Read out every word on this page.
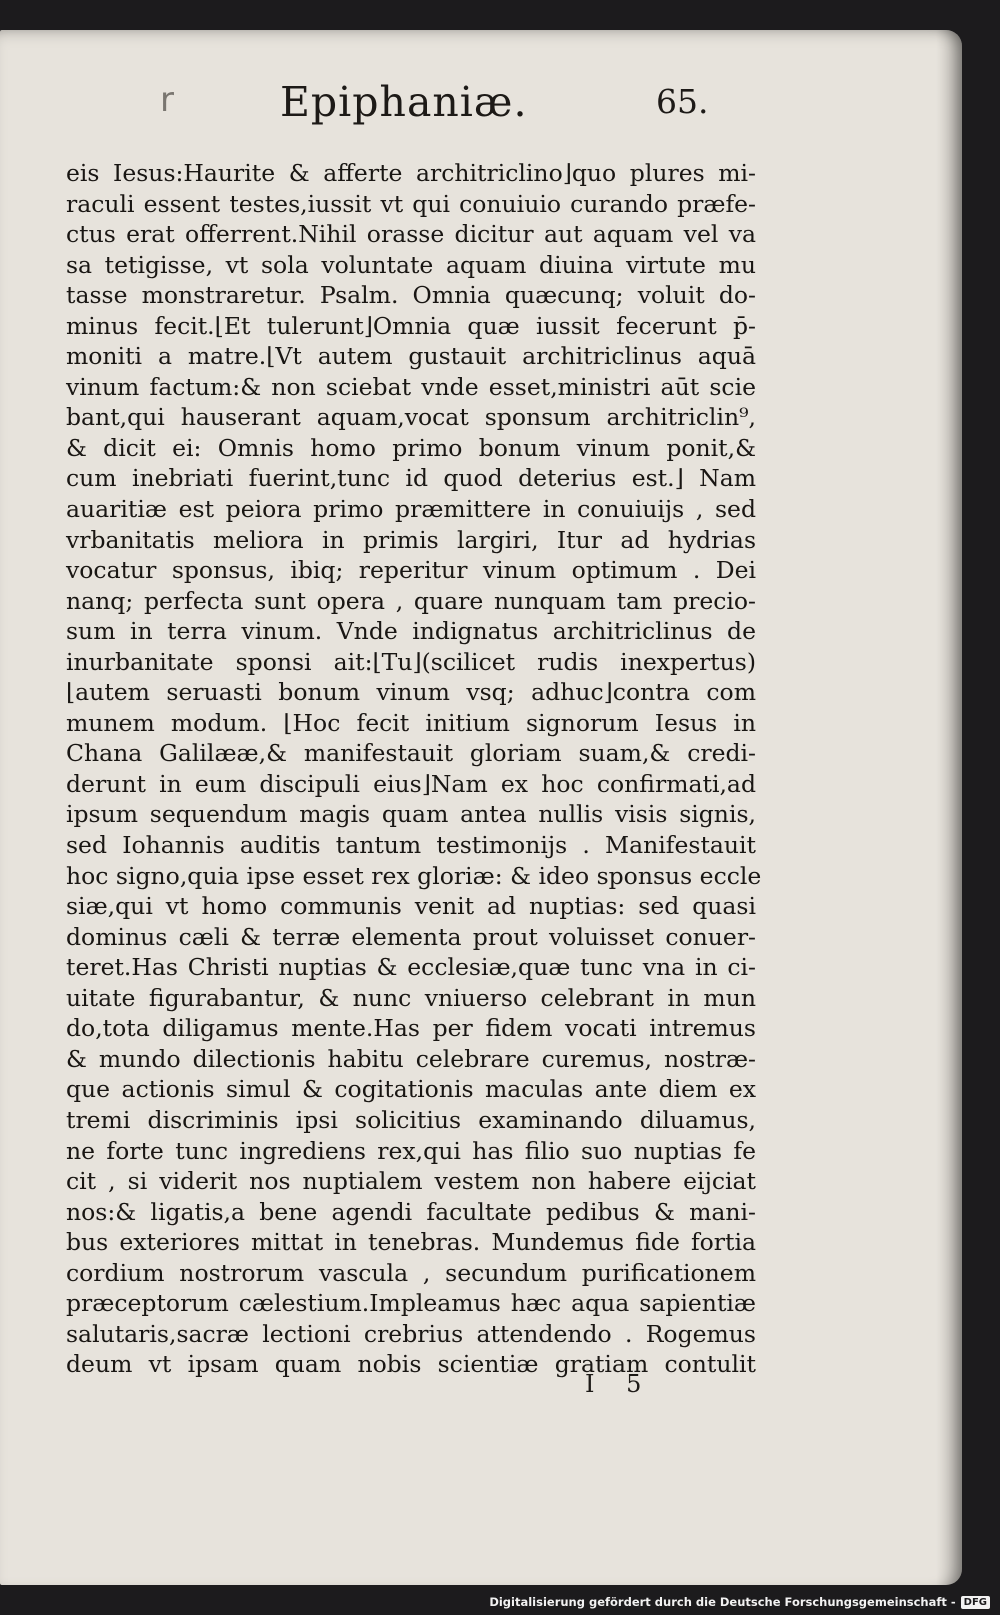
r	Epiphaniæ.	65.
eis Iesus:Haurite & afferte architriclino⌋quo plures mi-
raculi essent testes,iussit vt qui conuiuio curando præfe-
ctus erat offerrent.Nihil orasse dicitur aut aquam vel va
sa tetigisse, vt sola voluntate aquam diuina virtute mu
tasse monstraretur. Psalm. Omnia quæcunq; voluit do-
minus fecit.⌊Et tulerunt⌋Omnia quæ iussit fecerunt p̄-
moniti a matre.⌊Vt autem gustauit architriclinus aquā
vinum factum:& non sciebat vnde esset,ministri aūt scie
bant,qui hauserant aquam,vocat sponsum architriclin⁹,
& dicit ei: Omnis homo primo bonum vinum ponit,&
cum inebriati fuerint,tunc id quod deterius est.⌋ Nam
auaritiæ est peiora primo præmittere in conuiuijs , sed
vrbanitatis meliora in primis largiri, Itur ad hydrias
vocatur sponsus, ibiq; reperitur vinum optimum . Dei
nanq; perfecta sunt opera , quare nunquam tam precio-
sum in terra vinum. Vnde indignatus architriclinus de
inurbanitate sponsi ait:⌊Tu⌋(scilicet rudis inexpertus)
⌊autem seruasti bonum vinum vsq; adhuc⌋contra com
munem modum. ⌊Hoc fecit initium signorum Iesus in
Chana Galilææ,& manifestauit gloriam suam,& credi-
derunt in eum discipuli eius⌋Nam ex hoc confirmati,ad
ipsum sequendum magis quam antea nullis visis signis,
sed Iohannis auditis tantum testimonijs . Manifestauit
hoc signo,quia ipse esset rex gloriæ: & ideo sponsus eccle
siæ,qui vt homo communis venit ad nuptias: sed quasi
dominus cæli & terræ elementa prout voluisset conuer-
teret.Has Christi nuptias & ecclesiæ,quæ tunc vna in ci-
uitate figurabantur, & nunc vniuerso celebrant in mun
do,tota diligamus mente.Has per fidem vocati intremus
& mundo dilectionis habitu celebrare curemus, nostræ-
que actionis simul & cogitationis maculas ante diem ex
tremi discriminis ipsi solicitius examinando diluamus,
ne forte tunc ingrediens rex,qui has filio suo nuptias fe
cit , si viderit nos nuptialem vestem non habere eijciat
nos:& ligatis,a bene agendi facultate pedibus & mani-
bus exteriores mittat in tenebras. Mundemus fide fortia
cordium nostrorum vascula , secundum purificationem
præceptorum cælestium.Impleamus hæc aqua sapientiæ
salutaris,sacræ lectioni crebrius attendendo . Rogemus
deum vt ipsam quam nobis scientiæ gratiam contulit
I 5
Digitalisierung gefördert durch die Deutsche Forschungsgemeinschaft - DFG
